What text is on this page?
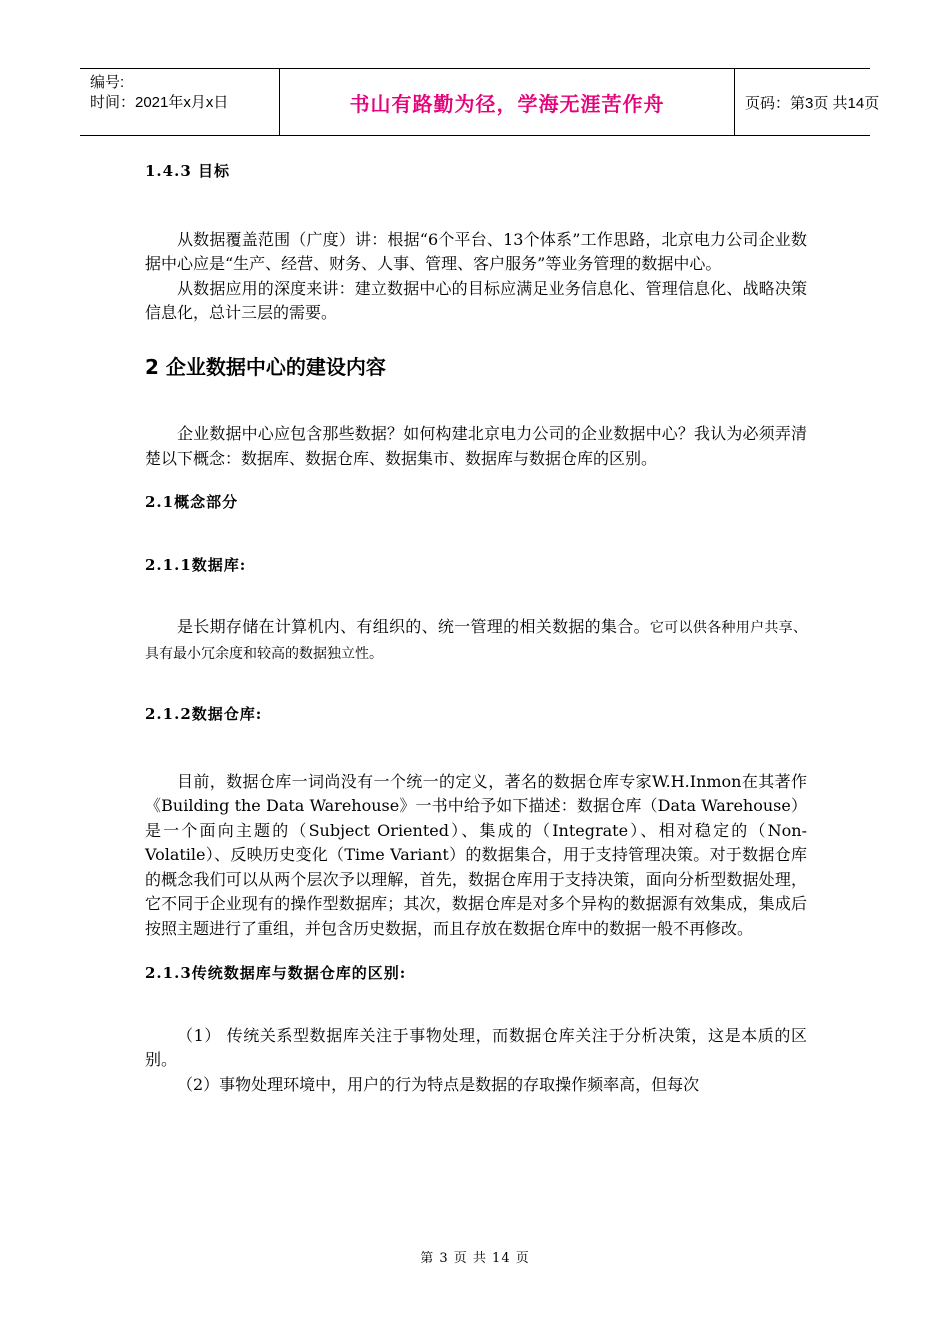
编号:
时间：2021年x月x日	书山有路勤为径，学海无涯苦作舟	页码：第3页 共14页
1.4.3 目标

从数据覆盖范围（广度）讲：根据“6个平台、13个体系”工作思路，北京电力公司企业数据中心应是“生产、经营、财务、人事、管理、客户服务”等业务管理的数据中心。

从数据应用的深度来讲：建立数据中心的目标应满足业务信息化、管理信息化、战略决策信息化，总计三层的需要。

2 企业数据中心的建设内容

企业数据中心应包含那些数据？如何构建北京电力公司的企业数据中心？我认为必须弄清楚以下概念：数据库、数据仓库、数据集市、数据库与数据仓库的区别。

2.1概念部分
2.1.1数据库:

是长期存储在计算机内、有组织的、统一管理的相关数据的集合。它可以供各种用户共享、具有最小冗余度和较高的数据独立性。

2.1.2数据仓库:

目前，数据仓库一词尚没有一个统一的定义，著名的数据仓库专家W.H.Inmon在其著作《Building the Data Warehouse》一书中给予如下描述：数据仓库（Data Warehouse）是一个面向主题的（Subject Oriented）、集成的（Integrate）、相对稳定的（Non-Volatile）、反映历史变化（Time Variant）的数据集合，用于支持管理决策。对于数据仓库的概念我们可以从两个层次予以理解，首先，数据仓库用于支持决策，面向分析型数据处理，它不同于企业现有的操作型数据库；其次，数据仓库是对多个异构的数据源有效集成，集成后按照主题进行了重组，并包含历史数据，而且存放在数据仓库中的数据一般不再修改。

2.1.3传统数据库与数据仓库的区别:

（1） 传统关系型数据库关注于事物处理，而数据仓库关注于分析决策，这是本质的区别。

（2）事物处理环境中，用户的行为特点是数据的存取操作频率高，但每次

第 3 页 共 14 页
